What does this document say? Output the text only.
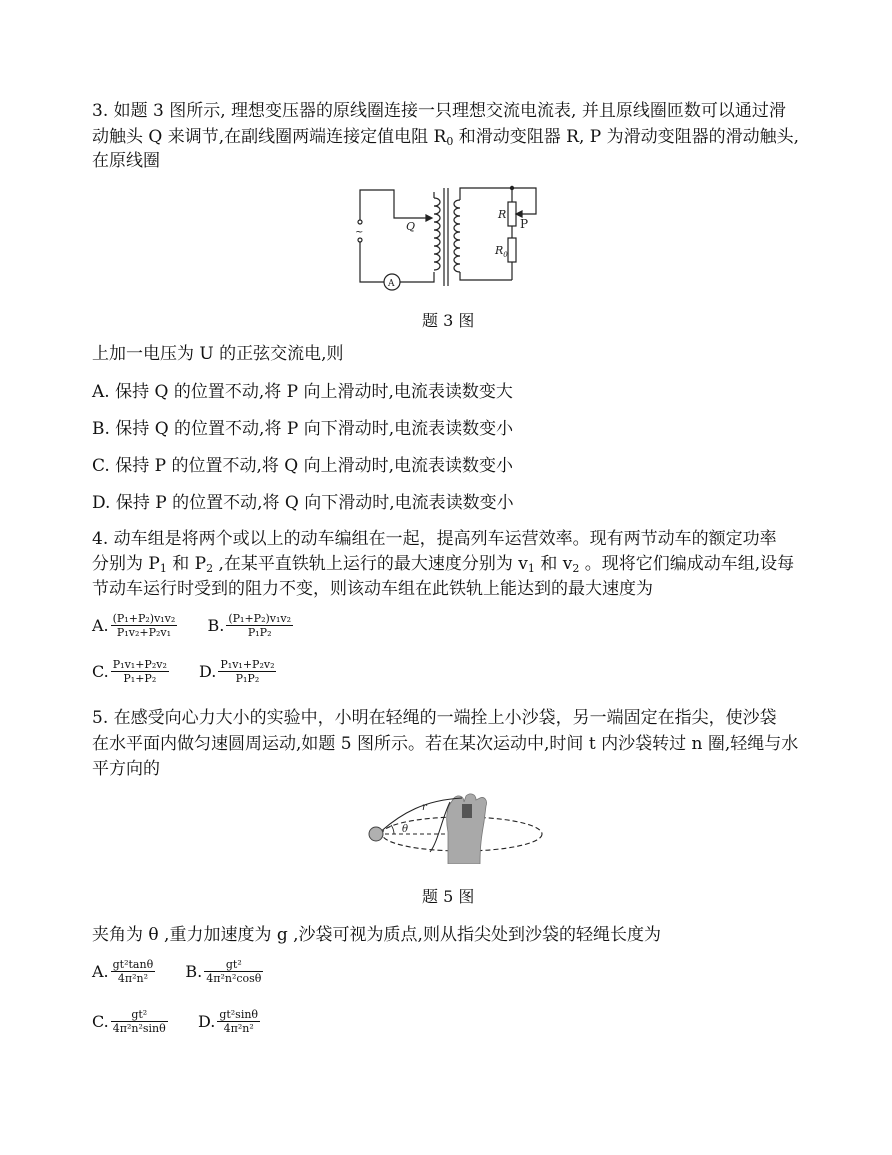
3. 如题 3 图所示, 理想变压器的原线圈连接一只理想交流电流表, 并且原线圈匝数可以通过滑
动触头 Q 来调节,在副线圈两端连接定值电阻 $R_0$ 和滑动变阻器 R, P 为滑动变阻器的滑动触头,
在原线圈
~
A
Q
R
P
$R_0$
题 3 图
上加一电压为 U 的正弦交流电,则
A. 保持 Q 的位置不动,将 P 向上滑动时,电流表读数变大
B. 保持 Q 的位置不动,将 P 向下滑动时,电流表读数变小
C. 保持 P 的位置不动,将 Q 向上滑动时,电流表读数变小
D. 保持 P 的位置不动,将 Q 向下滑动时,电流表读数变小
4. 动车组是将两个或以上的动车编组在一起，提高列车运营效率。现有两节动车的额定功率
分别为 $P_1$ 和 $P_2$ ,在某平直铁轨上运行的最大速度分别为 $v_1$ 和 $v_2$ 。现将它们编成动车组,设每
节动车运行时受到的阻力不变，则该动车组在此铁轨上能达到的最大速度为
A. $\frac{\text{(P₁+P₂)v₁v₂}}{\text{P₁v₂+P₂v₁}} B$. $\frac{\text{(P₁+P₂)v₁v₂}}{\text{P₁P₂}}$
C. $\frac{\text{P₁v₁+P₂v₂}}{\text{P₁+P₂}} D$. $\frac{\text{P₁v₁+P₂v₂}}{\text{P₁P₂}}$
5. 在感受向心力大小的实验中，小明在轻绳的一端拴上小沙袋，另一端固定在指尖，使沙袋
在水平面内做匀速圆周运动,如题 5 图所示。若在某次运动中,时间 t 内沙袋转过 n 圈,轻绳与水
平方向的
r
θ
题 5 图
夹角为 θ ,重力加速度为 g ,沙袋可视为质点,则从指尖处到沙袋的轻绳长度为
A. $\frac{\text{gt²tanθ}}{\text{4π²n²}} B$. $\frac{\text{gt²}}{\text{4π²n²cosθ}}$
C. $\frac{\text{gt²}}{\text{4π²n²sinθ}} D$. $\frac{\text{gt²sinθ}}{\text{4π²n²}}$
